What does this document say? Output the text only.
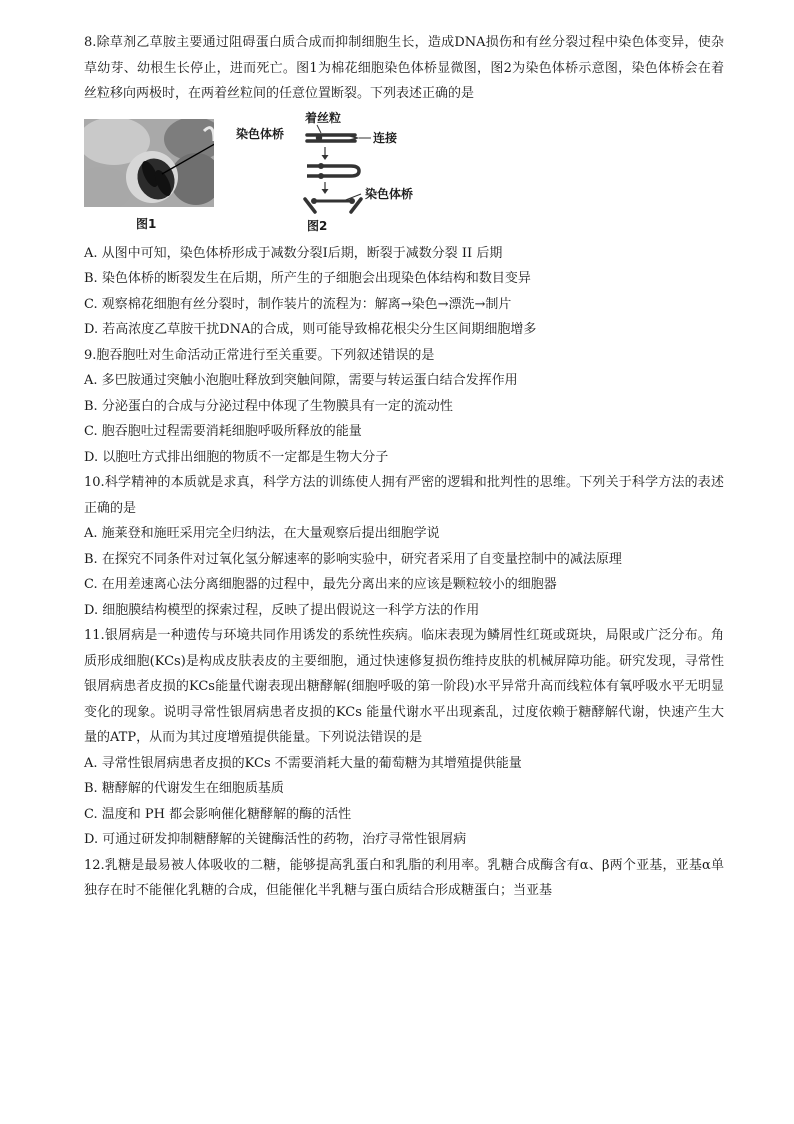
8.除草剂乙草胺主要通过阻碍蛋白质合成而抑制细胞生长，造成DNA损伤和有丝分裂过程中染色体变异，使杂草幼芽、幼根生长停止，进而死亡。图1为棉花细胞染色体桥显微图，图2为染色体桥示意图，染色体桥会在着丝粒移向两极时，在两着丝粒间的任意位置断裂。下列表述正确的是

染色体桥
图1
着丝粒
连接
染色体桥
图2

A. 从图中可知，染色体桥形成于减数分裂Ⅰ后期，断裂于减数分裂 II 后期

B. 染色体桥的断裂发生在后期，所产生的子细胞会出现染色体结构和数目变异

C. 观察棉花细胞有丝分裂时，制作装片的流程为：解离→染色→漂洗→制片

D. 若高浓度乙草胺干扰DNA的合成，则可能导致棉花根尖分生区间期细胞增多

9.胞吞胞吐对生命活动正常进行至关重要。下列叙述错误的是

A. 多巴胺通过突触小泡胞吐释放到突触间隙，需要与转运蛋白结合发挥作用

B. 分泌蛋白的合成与分泌过程中体现了生物膜具有一定的流动性

C. 胞吞胞吐过程需要消耗细胞呼吸所释放的能量

D. 以胞吐方式排出细胞的物质不一定都是生物大分子

10.科学精神的本质就是求真，科学方法的训练使人拥有严密的逻辑和批判性的思维。下列关于科学方法的表述正确的是

A. 施莱登和施旺采用完全归纳法，在大量观察后提出细胞学说

B. 在探究不同条件对过氧化氢分解速率的影响实验中，研究者采用了自变量控制中的减法原理

C. 在用差速离心法分离细胞器的过程中，最先分离出来的应该是颗粒较小的细胞器

D. 细胞膜结构模型的探索过程，反映了提出假说这一科学方法的作用

11.银屑病是一种遗传与环境共同作用诱发的系统性疾病。临床表现为鳞屑性红斑或斑块，局限或广泛分布。角质形成细胞(KCs)是构成皮肤表皮的主要细胞，通过快速修复损伤维持皮肤的机械屏障功能。研究发现，寻常性银屑病患者皮损的KCs能量代谢表现出糖酵解(细胞呼吸的第一阶段)水平异常升高而线粒体有氧呼吸水平无明显变化的现象。说明寻常性银屑病患者皮损的KCs 能量代谢水平出现紊乱，过度依赖于糖酵解代谢，快速产生大量的ATP，从而为其过度增殖提供能量。下列说法错误的是

A. 寻常性银屑病患者皮损的KCs 不需要消耗大量的葡萄糖为其增殖提供能量

B. 糖酵解的代谢发生在细胞质基质

C. 温度和 PH 都会影响催化糖酵解的酶的活性

D. 可通过研发抑制糖酵解的关键酶活性的药物，治疗寻常性银屑病

12.乳糖是最易被人体吸收的二糖，能够提高乳蛋白和乳脂的利用率。乳糖合成酶含有α、β两个亚基，亚基α单独存在时不能催化乳糖的合成，但能催化半乳糖与蛋白质结合形成糖蛋白；当亚基
